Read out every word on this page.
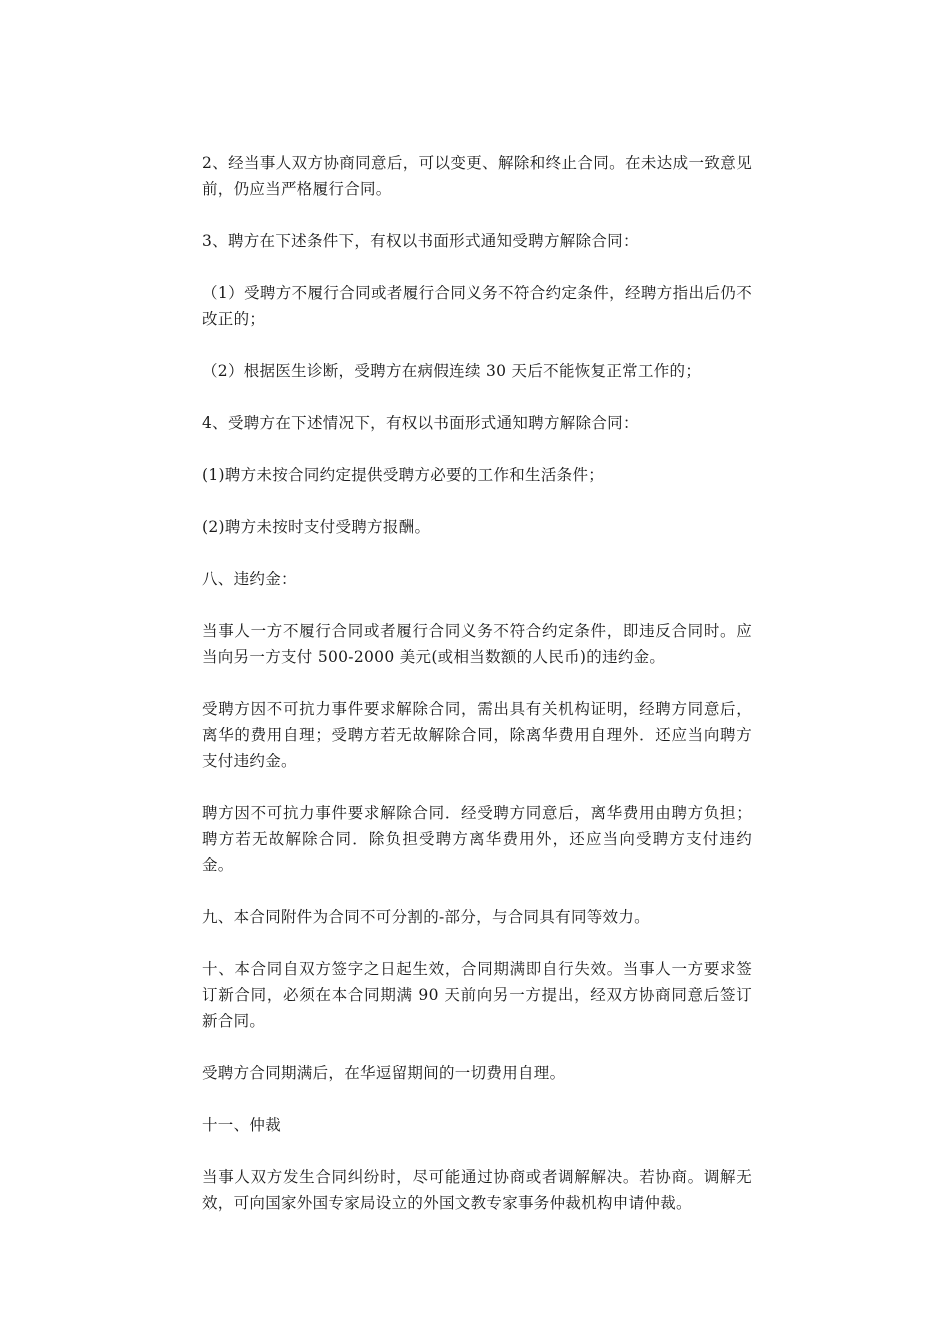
2、经当事人双方协商同意后，可以变更、解除和终止合同。在未达成一致意见前，仍应当严格履行合同。

3、聘方在下述条件下，有权以书面形式通知受聘方解除合同：

（1）受聘方不履行合同或者履行合同义务不符合约定条件，经聘方指出后仍不改正的；

（2）根据医生诊断，受聘方在病假连续 30 天后不能恢复正常工作的；

4、受聘方在下述情况下，有权以书面形式通知聘方解除合同：

(1)聘方未按合同约定提供受聘方必要的工作和生活条件；

(2)聘方未按时支付受聘方报酬。

八、违约金：

当事人一方不履行合同或者履行合同义务不符合约定条件，即违反合同时。应当向另一方支付 500-2000 美元(或相当数额的人民币)的违约金。

受聘方因不可抗力事件要求解除合同，需出具有关机构证明，经聘方同意后，离华的费用自理；受聘方若无故解除合同，除离华费用自理外．还应当向聘方支付违约金。

聘方因不可抗力事件要求解除合同．经受聘方同意后，离华费用由聘方负担；聘方若无故解除合同．除负担受聘方离华费用外，还应当向受聘方支付违约金。

九、本合同附件为合同不可分割的-部分，与合同具有同等效力。

十、本合同自双方签字之日起生效，合同期满即自行失效。当事人一方要求签订新合同，必须在本合同期满 90 天前向另一方提出，经双方协商同意后签订新合同。

受聘方合同期满后，在华逗留期间的一切费用自理。

十一、仲裁

当事人双方发生合同纠纷时，尽可能通过协商或者调解解决。若协商。调解无效，可向国家外国专家局设立的外国文教专家事务仲裁机构申请仲裁。
